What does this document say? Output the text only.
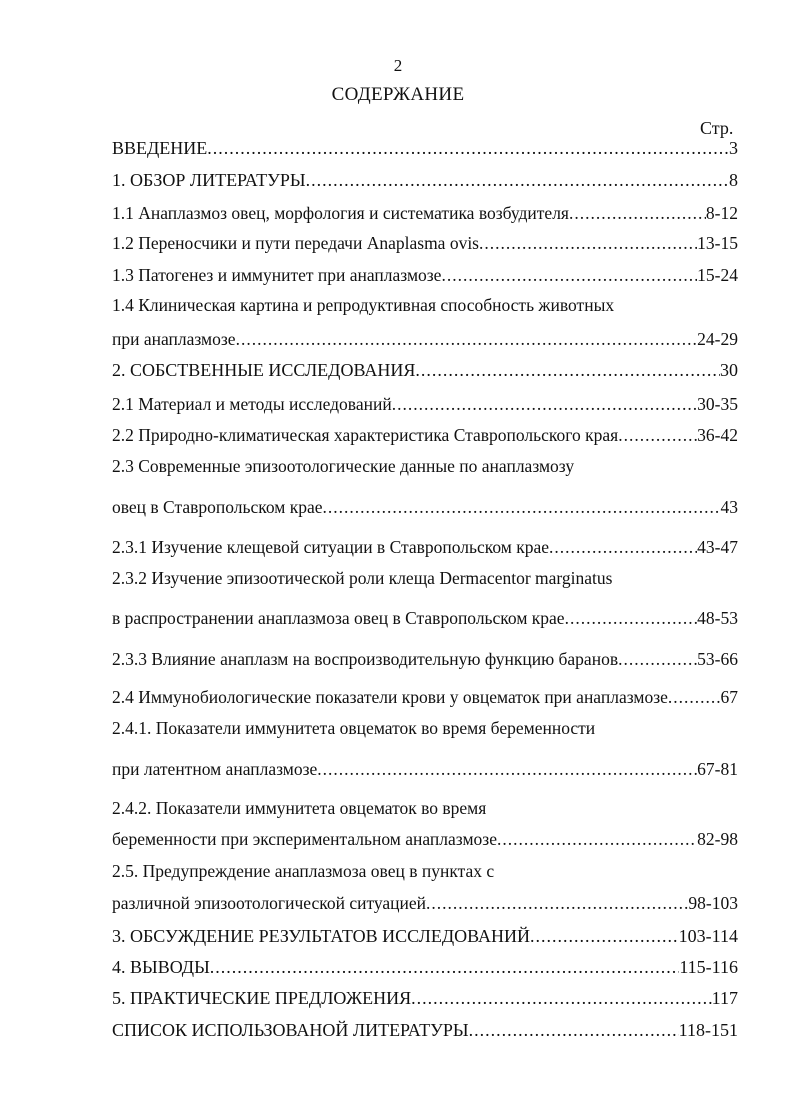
2
СОДЕРЖАНИЕ
Стр.
ВВЕДЕНИЕ .....	3
1. ОБЗОР ЛИТЕРАТУРЫ .....	8
1.1 Анаплазмоз овец, морфология и систематика возбудителя .....	8-12
1.2 Переносчики и пути передачи Anaplasma ovis .....	13-15
1.3 Патогенез и иммунитет при анаплазмозе .....	15-24
1.4 Клиническая картина и репродуктивная способность животных
при анаплазмозе .....	24-29
2. СОБСТВЕННЫЕ ИССЛЕДОВАНИЯ .....	30
2.1 Материал и методы исследований .....	30-35
2.2 Природно-климатическая характеристика Ставропольского края .....	36-42
2.3 Современные эпизоотологические данные по анаплазмозу
овец в Ставропольском крае .....	43
2.3.1 Изучение клещевой ситуации в Ставропольском крае .....	43-47
2.3.2 Изучение эпизоотической роли клеща Dermacentor marginatus
в распространении анаплазмоза овец в Ставропольском крае .....	48-53
2.3.3 Влияние анаплазм на воспроизводительную функцию баранов .....	53-66
2.4 Иммунобиологические показатели крови у овцематок при анаплазмозе .....	67
2.4.1. Показатели иммунитета овцематок во время беременности
при латентном анаплазмозе .....	67-81
2.4.2. Показатели иммунитета овцематок во время
беременности при экспериментальном анаплазмозе .....	82-98
2.5. Предупреждение анаплазмоза овец в пунктах с
различной эпизоотологической ситуацией .....	98-103
3. ОБСУЖДЕНИЕ РЕЗУЛЬТАТОВ ИССЛЕДОВАНИЙ .....	103-114
4. ВЫВОДЫ .....	115-116
5. ПРАКТИЧЕСКИЕ ПРЕДЛОЖЕНИЯ .....	117
СПИСОК ИСПОЛЬЗОВАНОЙ ЛИТЕРАТУРЫ .....	118-151
